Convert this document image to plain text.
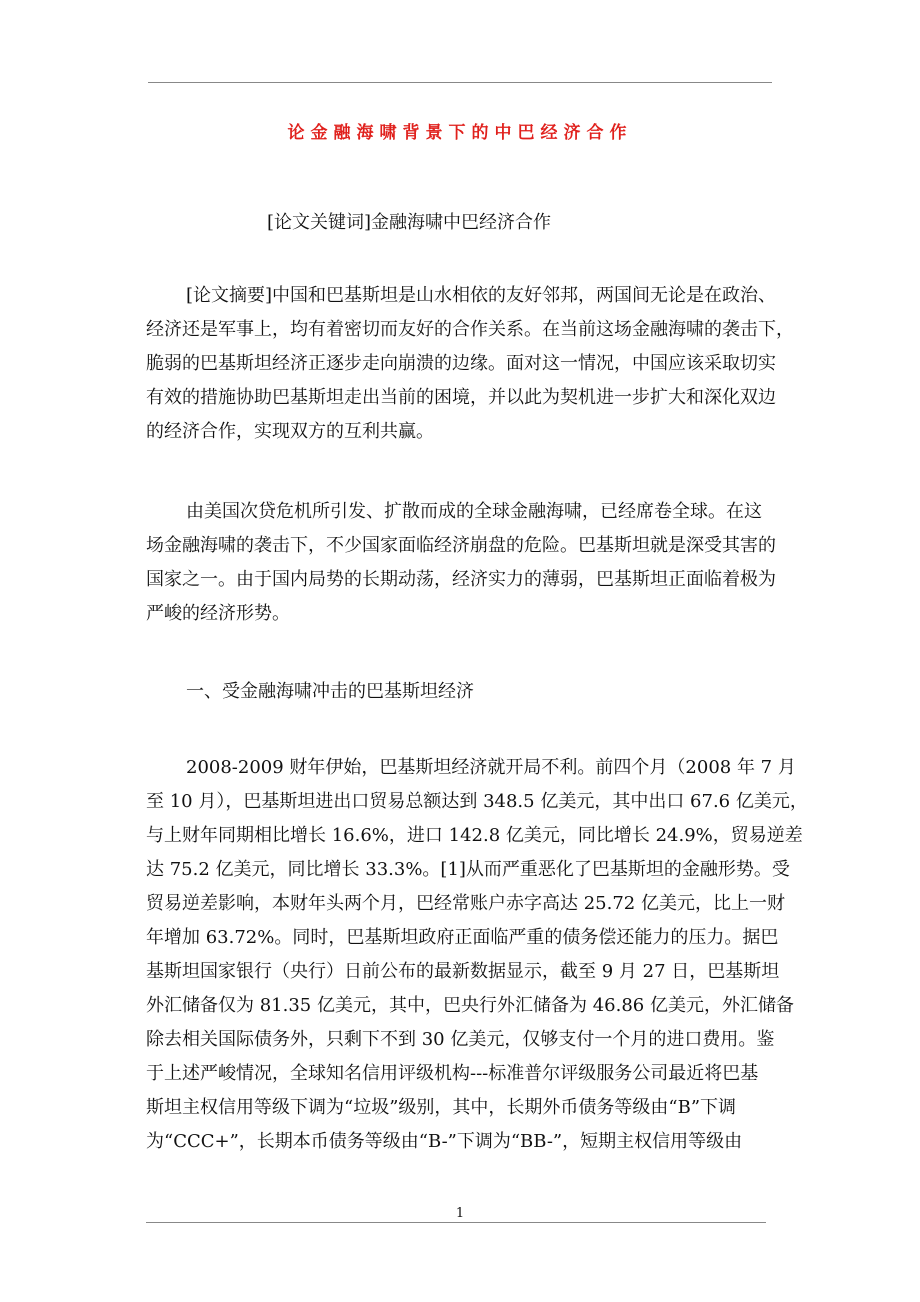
论金融海啸背景下的中巴经济合作
[论文关键词]金融海啸中巴经济合作
[论文摘要]中国和巴基斯坦是山水相依的友好邻邦，两国间无论是在政治、
经济还是军事上，均有着密切而友好的合作关系。在当前这场金融海啸的袭击下，
脆弱的巴基斯坦经济正逐步走向崩溃的边缘。面对这一情况，中国应该采取切实
有效的措施协助巴基斯坦走出当前的困境，并以此为契机进一步扩大和深化双边
的经济合作，实现双方的互利共赢。
由美国次贷危机所引发、扩散而成的全球金融海啸，已经席卷全球。在这
场金融海啸的袭击下，不少国家面临经济崩盘的危险。巴基斯坦就是深受其害的
国家之一。由于国内局势的长期动荡，经济实力的薄弱，巴基斯坦正面临着极为
严峻的经济形势。
一、受金融海啸冲击的巴基斯坦经济
2008-2009 财年伊始，巴基斯坦经济就开局不利。前四个月（2008 年 7 月
至 10 月），巴基斯坦进出口贸易总额达到 348.5 亿美元，其中出口 67.6 亿美元，
与上财年同期相比增长 16.6%，进口 142.8 亿美元，同比增长 24.9%，贸易逆差
达 75.2 亿美元，同比增长 33.3%。[1]从而严重恶化了巴基斯坦的金融形势。受
贸易逆差影响，本财年头两个月，巴经常账户赤字高达 25.72 亿美元，比上一财
年增加 63.72%。同时，巴基斯坦政府正面临严重的债务偿还能力的压力。据巴
基斯坦国家银行（央行）日前公布的最新数据显示，截至 9 月 27 日，巴基斯坦
外汇储备仅为 81.35 亿美元，其中，巴央行外汇储备为 46.86 亿美元，外汇储备
除去相关国际债务外，只剩下不到 30 亿美元，仅够支付一个月的进口费用。鉴
于上述严峻情况，全球知名信用评级机构---标准普尔评级服务公司最近将巴基
斯坦主权信用等级下调为“垃圾”级别，其中，长期外币债务等级由“B”下调
为“CCC+”，长期本币债务等级由“B-”下调为“BB-”，短期主权信用等级由
1
